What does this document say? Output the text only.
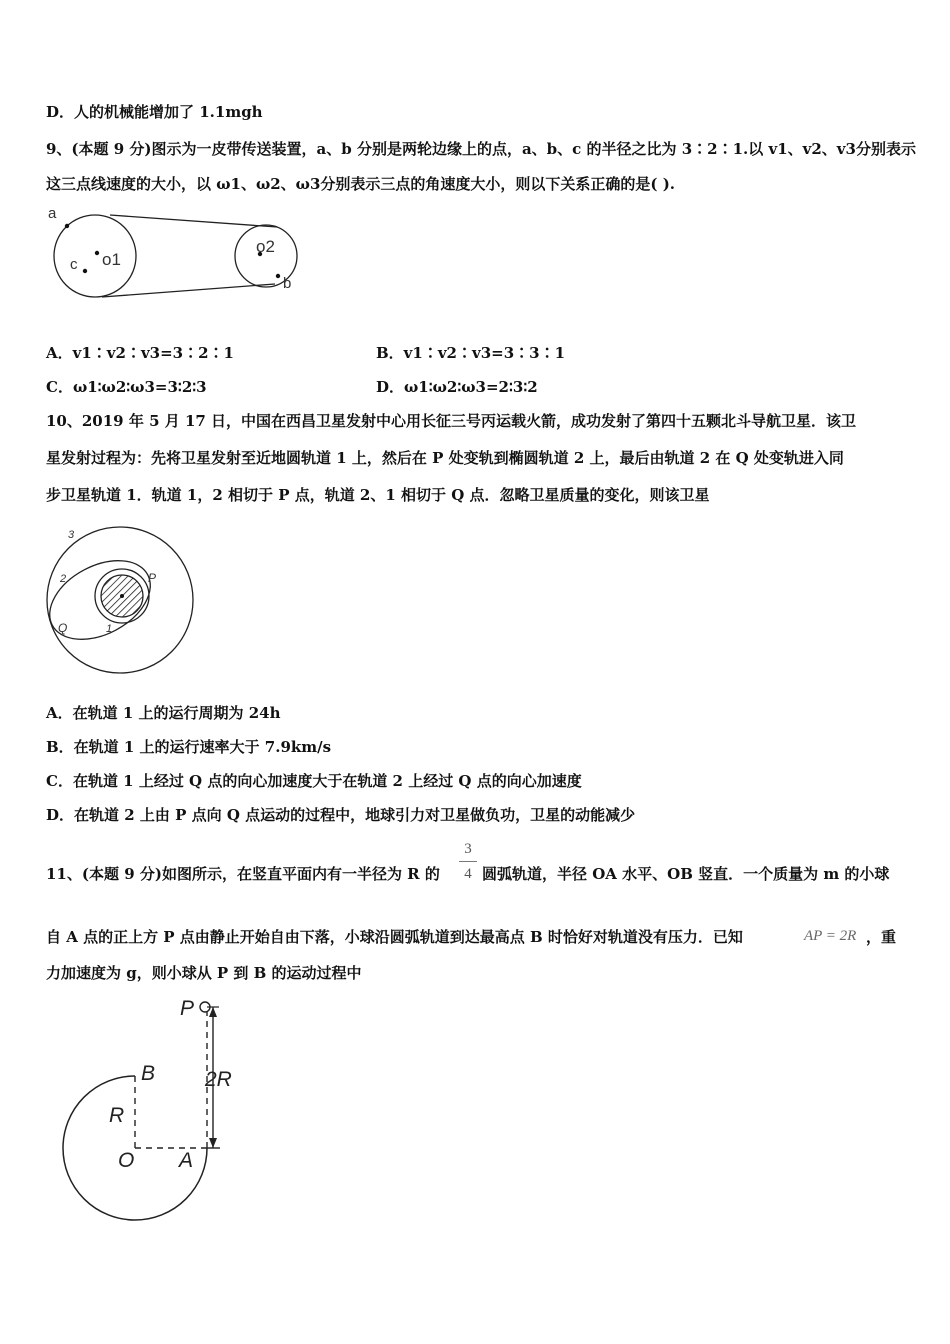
D．人的机械能增加了 1.1mgh
9、(本题 9 分)图示为一皮带传送装置，a、b 分别是两轮边缘上的点，a、b、c 的半径之比为 3∶2∶1.以 v1、v2、v3分别表示
这三点线速度的大小，以 ω1、ω2、ω3分别表示三点的角速度大小，则以下关系正确的是( ).
a
c o1
o2
b
A．v1∶v2∶v3=3∶2∶1	B．v1∶v2∶v3=3∶3∶1
C．ω1∶ω2∶ω3=3∶2∶3	D．ω1∶ω2∶ω3=2∶3∶2
10、2019 年 5 月 17 日，中国在西昌卫星发射中心用长征三号丙运载火箭，成功发射了第四十五颗北斗导航卫星．该卫
星发射过程为：先将卫星发射至近地圆轨道 1 上，然后在 P 处变轨到椭圆轨道 2 上，最后由轨道 2 在 Q 处变轨进入同
步卫星轨道 1．轨道 1，2 相切于 P 点，轨道 2、1 相切于 Q 点．忽略卫星质量的变化，则该卫星
3
2
1
P
Q
A．在轨道 1 上的运行周期为 24h
B．在轨道 1 上的运行速率大于 7.9km/s
C．在轨道 1 上经过 Q 点的向心加速度大于在轨道 2 上经过 Q 点的向心加速度
D．在轨道 2 上由 P 点向 Q 点运动的过程中，地球引力对卫星做负功，卫星的动能减少
11、(本题 9 分)如图所示，在竖直平面内有一半径为 R 的
3
4 圆弧轨道，半径 OA 水平、OB 竖直．一个质量为 m 的小球
自 A 点的正上方 P 点由静止开始自由下落，小球沿圆弧轨道到达最高点 B 时恰好对轨道没有压力．已知	AP = 2R ，重
力加速度为 g，则小球从 P 到 B 的运动过程中
P
B
R
2R
O A
